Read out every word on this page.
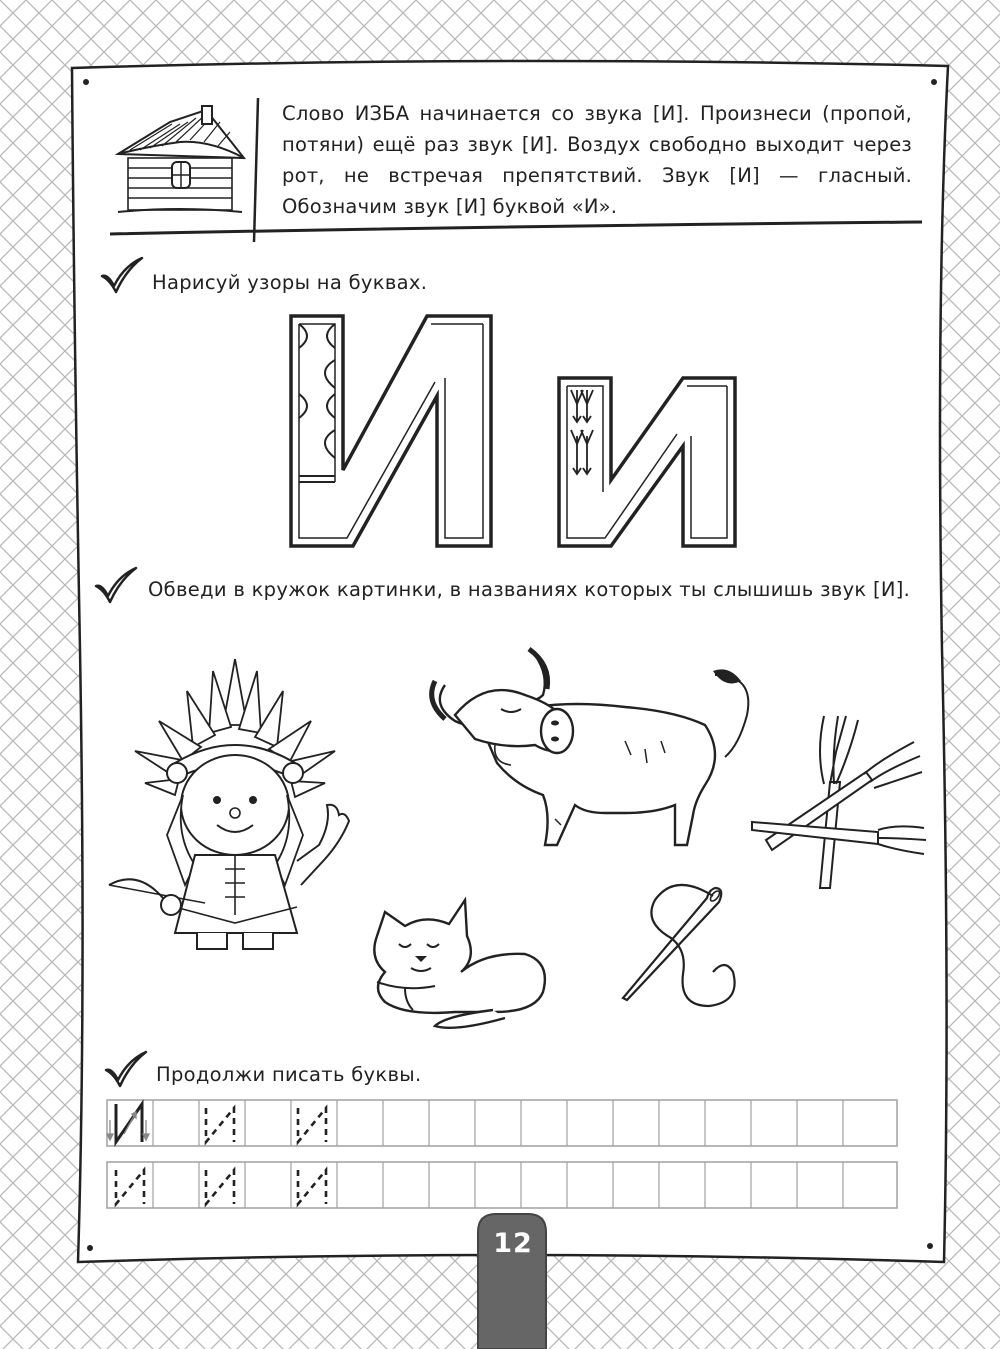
Слово ИЗБА начинается со звука [И]. Произнеси (пропой, потяни) ещё раз звук [И]. Воздух свободно выходит через рот, не встречая препятствий. Звук [И] — гласный. Обозначим звук [И] буквой «И».
Нарисуй узоры на буквах.
Обведи в кружок картинки, в названиях которых ты слышишь звук [И].
Продолжи писать буквы.
12
